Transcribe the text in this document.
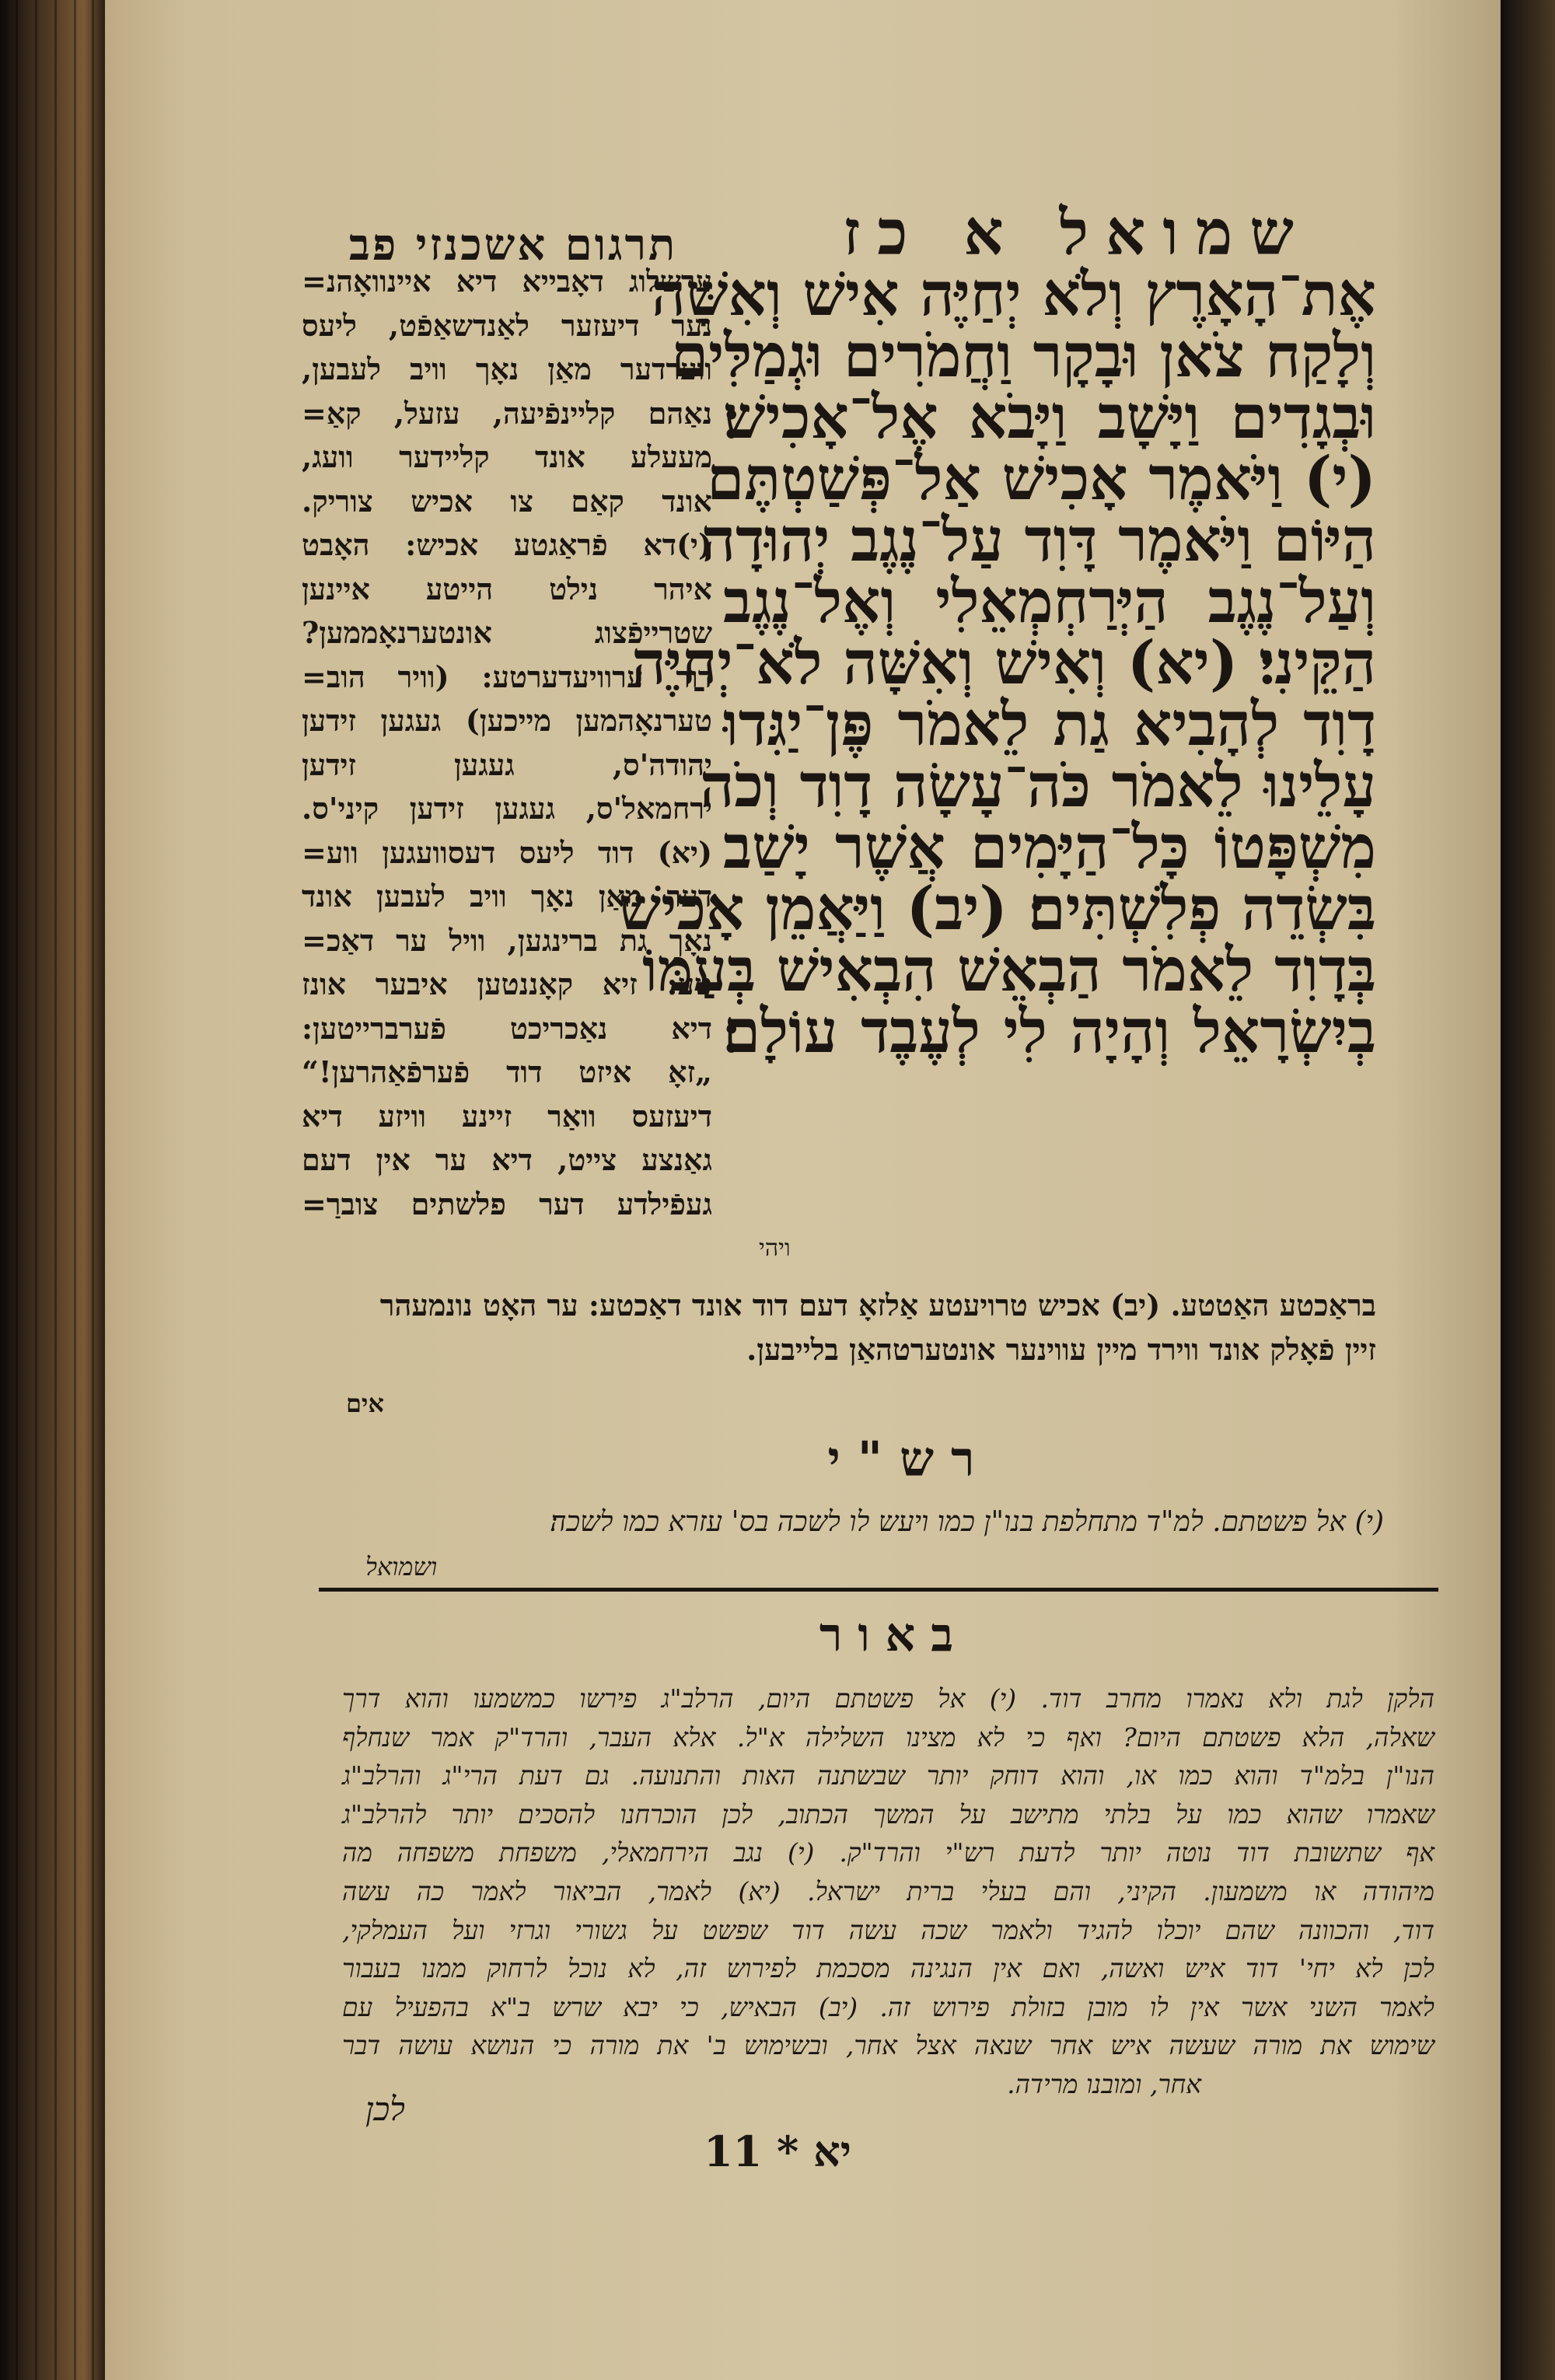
שמואל א כז
תרגום אשכנזי פב
אֶת־הָאָרֶץ וְלֹא יְחַיֶּה אִישׁ וְאִשָּׁה
וְלָקַח צֹאן וּבָקָר וַחֲמֹרִים וּגְמַלִּים
וּבְגָדִים וַיָּשָׁב וַיָּבֹא אֶל־אָכִישׁ׃
(י) וַיֹּאמֶר אָכִישׁ אַל־פְּשַׁטְתֶּם
הַיּוֹם וַיֹּאמֶר דָּוִד עַל־נֶגֶב יְהוּדָה
וְעַל־נֶגֶב הַיְּרַחְמְאֵלִי וְאֶל־נֶגֶב
הַקֵּינִי׃ (יא) וְאִישׁ וְאִשָּׁה לֹא־יְחַיֶּה
דָוִד לְהָבִיא גַת לֵאמֹר פֶּן־יַגִּדוּ
עָלֵינוּ לֵאמֹר כֹּה־עָשָׂה דָוִד וְכֹה
מִשְׁפָּטוֹ כָּל־הַיָּמִים אֲשֶׁר יָשַׁב
בִּשְׂדֵה פְלִשְׁתִּים׃ (יב) וַיַּאֲמֵן אָכִישׁ
בְּדָוִד לֵאמֹר הַבְאֵשׁ הִבְאִישׁ בְּעַמּוֹ
בְיִשְׂרָאֵל וְהָיָה לִי לְעֶבֶד עוֹלָם׃
ויהי
ערשלוג דאָבייא דיא איינוואָהנ=
נער דיעזער לאַנדשאַפֿט, ליעס
ווערדער מאַן נאָך וויב לעבען,
נאַהם קליינפֿיעה, עזעל, קאַ=
מעעלע אונד קליידער וועג,
אונד קאַם צו אכיש צוריק.
(י)דא פֿראַגטע אכיש: האָבט
איהר נילט הייטע איינען
שטרייפֿצוג אונטערנאָממען?
דור ערוויעדערטע: (וויר הוב=
טערנאָהמען מייכען) געגען זידען
יהודה'ס, געגען זידען
ירחמאל'ס, געגען זידען קיני'ס.
(יא) דוד ליעס דעסוועגען ווע=
דער מאַן נאָך וויב לעבען אונד
נאָך גת ברינגען, וויל ער דאַכ=
טע: זיא קאָננטען איבער אונז
דיא נאַכריכט פֿערברייטען:
„זאָ איזט דוד פֿערפֿאַהרען!“
דיעזעס וואַר זיינע וויזע דיא
גאַנצע צייט, דיא ער אין דעם
געפֿילדע דער פלשתים צוברַ=
בראַכטע האַטטע. (יב) אכיש טרויעטע אַלזאָ דעם דוד אונד דאַכטע: ער האָט נונמעהר
זיין פֿאָלק אונד ווירד מיין עווינער אונטערטהאַן בלייבען.
אים
רש"י
(י) אל פשטתם. למ"ד מתחלפת בנו"ן כמו ויעש לו לשכה בס' עזרא כמו לשכה׃
ושמואל
באור
הלקן לגת ולא נאמרו מחרב דוד. (י) אל פשטתם היום, הרלב"ג פירשו כמשמעו והוא דרך
שאלה, הלא פשטתם היום? ואף כי לא מצינו השלילה א"ל. אלא העבר, והרד"ק אמר שנחלף
הנו"ן בלמ"ד והוא כמו או, והוא דוחק יותר שבשתנה האות והתנועה. גם דעת הרי"ג והרלב"ג
שאמרו שהוא כמו על בלתי מתישב על המשך הכתוב, לכן הוכרחנו להסכים יותר להרלב"ג
אף שתשובת דוד נוטה יותר לדעת רש"י והרד"ק. (י) נגב הירחמאלי, משפחת משפחה מה
מיהודה או משמעון. הקיני, והם בעלי ברית ישראל. (יא) לאמר, הביאור לאמר כה עשה
דוד, והכוונה שהם יוכלו להגיד ולאמר שכה עשה דוד שפשט על גשורי וגרזי ועל העמלקי,
לכן לא יחי' דוד איש ואשה, ואם אין הנגינה מסכמת לפירוש זה, לא נוכל לרחוק ממנו בעבור
לאמר השני אשר אין לו מובן בזולת פירוש זה. (יב) הבאיש, כי יבא שרש ב"א בהפעיל עם
שימוש את מורה שעשה איש אחר שנאה אצל אחר, ובשימוש ב' את מורה כי הנושא עושה דבר
אחר, ומובנו מרידה.
לכן
יא * 11
